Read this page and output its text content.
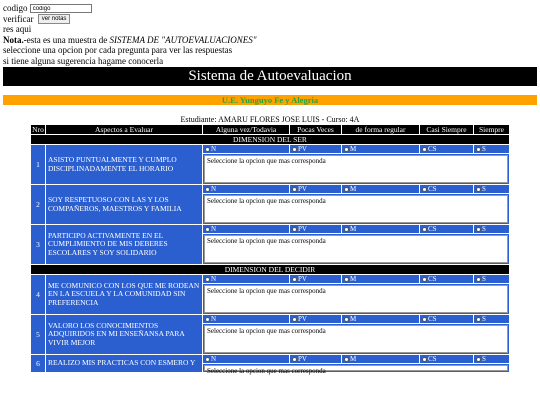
codigo codigo
verificar ver notas
res aqui
Nota.-esta es una muestra de SISTEMA DE "AUTOEVALUACIONES"
seleccione una opcion por cada pregunta para ver las respuestas
si tiene alguna sugerencia hagame conocerla
Sistema de Autoevaluacion
U.E. Yunguyo Fe y Alegria
Estudiante: AMARU FLORES JOSE LUIS - Curso: 4A
Nro	Aspectos a Evaluar	Alguna vez/Todavia	Pocas Veces	de forma regular	Casi Siempre	Siempre
DIMENSION DEL SER						
1	ASISTO PUNTUALMENTE Y CUMPLO DISCIPLINADAMENTE EL HORARIO	N	PV	M	CS	S

		Seleccione la opcion que mas corresponda				

2	SOY RESPETUOSO CON LAS Y LOS COMPAÑEROS, MAESTROS Y FAMILIA	N	PV	M	CS	S

		Seleccione la opcion que mas corresponda				

3	PARTICIPO ACTIVAMENTE EN EL CUMPLIMIENTO DE MIS DEBERES ESCOLARES Y SOY SOLIDARIO	N	PV	M	CS	S

		Seleccione la opcion que mas corresponda				

DIMENSION DEL DECIDIR						
4	ME COMUNICO CON LOS QUE ME RODEAN EN LA ESCUELA Y LA COMUNIDAD SIN PREFERENCIA	N	PV	M	CS	S

		Seleccione la opcion que mas corresponda				

5	VALORO LOS CONOCIMIENTOS ADQUIRIDOS EN MI ENSEÑANSA PARA VIVIR MEJOR	N	PV	M	CS	S

		Seleccione la opcion que mas corresponda				

6	REALIZO MIS PRACTICAS CON ESMERO Y	N	PV	M	CS	S

		Seleccione la opcion que mas corresponda				
